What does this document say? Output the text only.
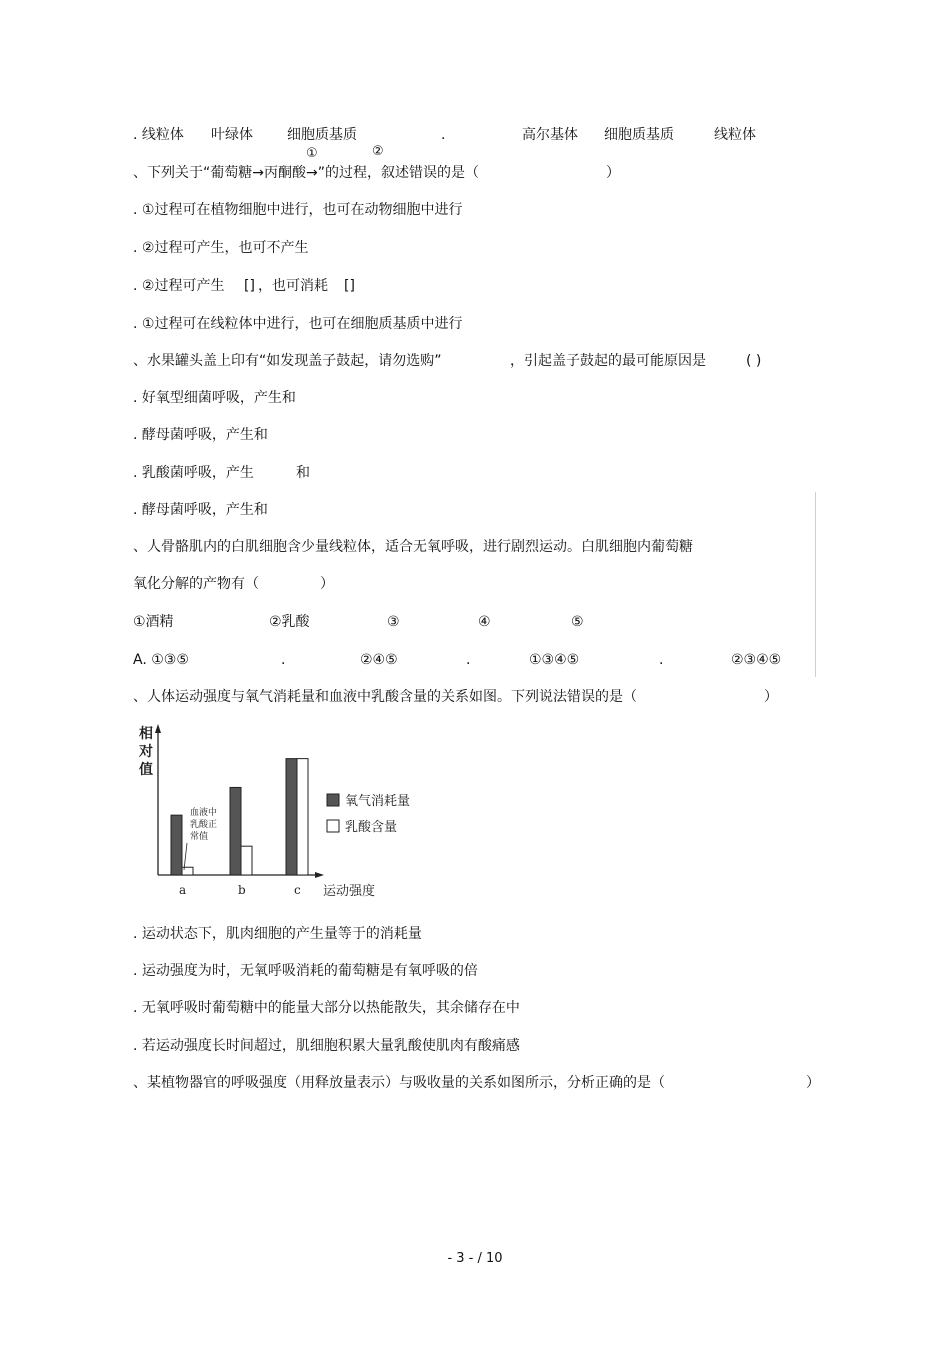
. 线粒体 叶绿体 细胞质基质	.	高尔基体 细胞质基质	线粒体
①	②
、下列关于“葡萄糖→丙酮酸→”的过程，叙述错误的是（	）
. ①过程可在植物细胞中进行，也可在动物细胞中进行
. ②过程可产生，也可不产生
. ②过程可产生 [] ，也可消耗 []
. ①过程可在线粒体中进行，也可在细胞质基质中进行
、水果罐头盖上印有“如发现盖子鼓起，请勿选购”	，引起盖子鼓起的最可能原因是	( )
. 好氧型细菌呼吸，产生和
. 酵母菌呼吸，产生和
. 乳酸菌呼吸，产生	和
. 酵母菌呼吸，产生和
、人骨骼肌内的白肌细胞含少量线粒体，适合无氧呼吸，进行剧烈运动。白肌细胞内葡萄糖
氧化分解的产物有（	）
①酒精	②乳酸	③	④	⑤
A. ①③⑤	.	②④⑤	.	①③④⑤	.	②③④⑤
、人体运动强度与氧气消耗量和血液中乳酸含量的关系如图。下列说法错误的是（	）
相对值
a	b	c 运动强度
血液中乳酸正常值
氧气消耗量
乳酸含量
. 运动状态下，肌肉细胞的产生量等于的消耗量
. 运动强度为时，无氧呼吸消耗的葡萄糖是有氧呼吸的倍
. 无氧呼吸时葡萄糖中的能量大部分以热能散失，其余储存在中
. 若运动强度长时间超过，肌细胞积累大量乳酸使肌肉有酸痛感
、某植物器官的呼吸强度（用释放量表示）与吸收量的关系如图所示，分析正确的是（	）
- 3 - / 10
